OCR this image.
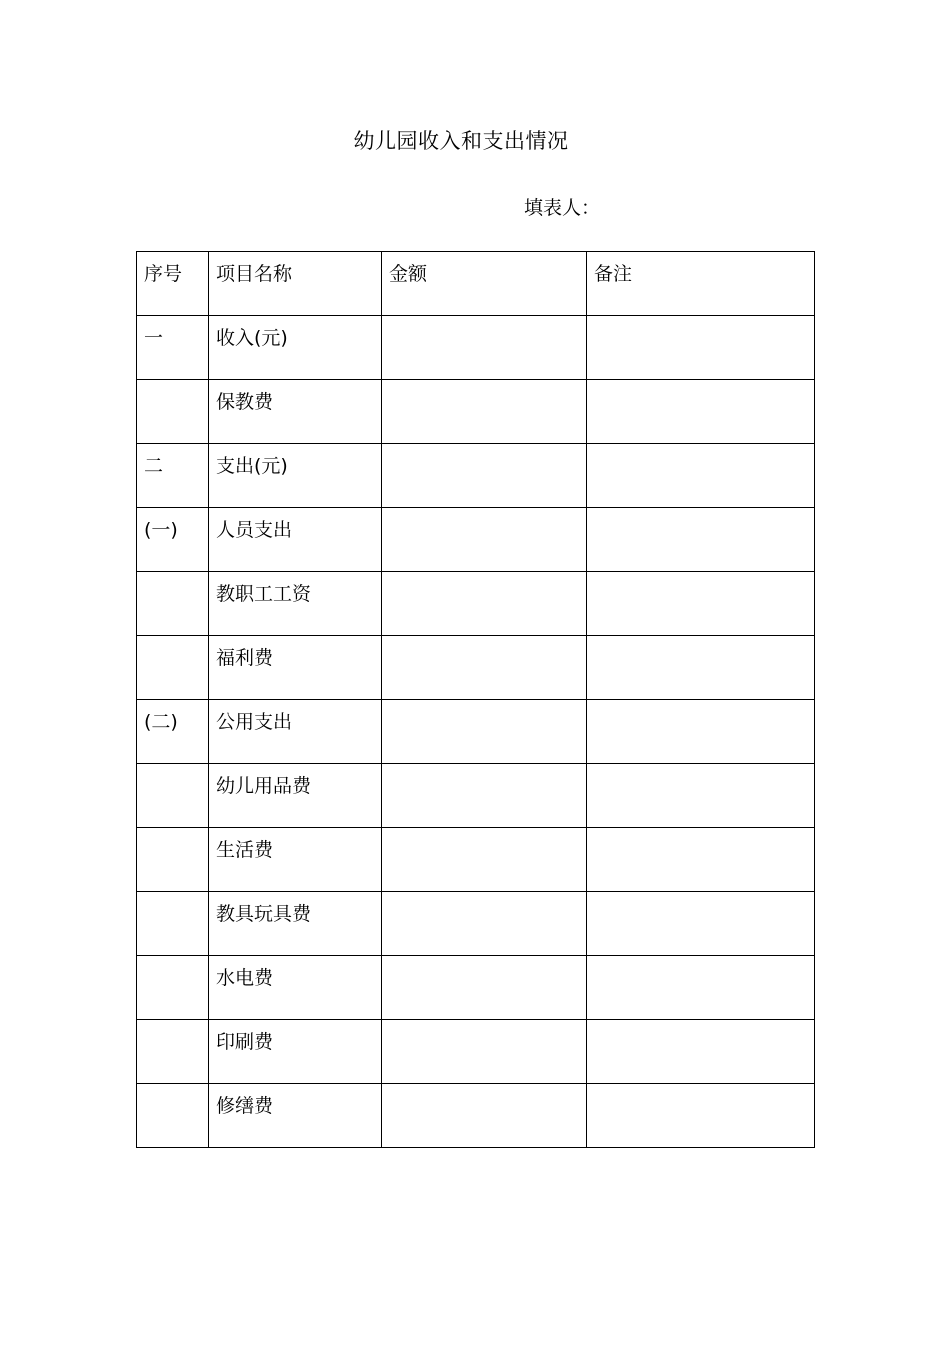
幼儿园收入和支出情况
填表人：
序号	项目名称	金额	备注
一	收入(元)		
	保教费		
二	支出(元)		
(一)	人员支出		
	教职工工资		
	福利费		
(二)	公用支出		
	幼儿用品费		
	生活费		
	教具玩具费		
	水电费		
	印刷费		
	修缮费		
